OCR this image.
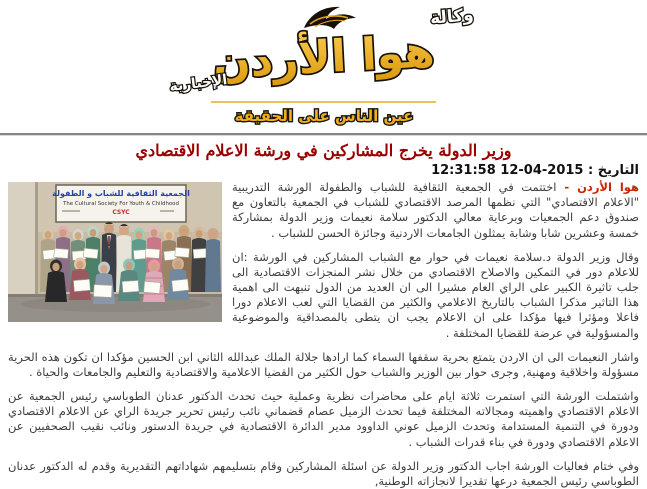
وكالة
هوا الأردن
الإخبارية
عين الناس على الحقيقة
وزير الدولة يخرج المشاركين في ورشة الاعلام الاقتصادي
التاريخ : 2015-04-12 12:31:58
الجمعية الثقافية للشباب و الطفولة
The Cultural Society For Youth & Childhood
CSYC

هوا الأردن - اختتمت في الجمعية الثقافية للشباب والطفولة الورشة التدريبية "الاعلام الاقتصادي" التي نظمها المرصد الاقتصادي للشباب في الجمعية بالتعاون مع صندوق دعم الجمعيات وبرعاية معالي الدكتور سلامة نعيمات وزير الدولة بمشاركة خمسة وعشرين شابا وشابة يمثلون الجامعات الاردنية وجائزة الحسن للشباب .

وقال وزير الدولة د.سلامة نعيمات في حوار مع الشباب المشاركين في الورشة :ان للاعلام دور في التمكين والاصلاح الاقتصادي من خلال نشر المنجزات الاقتصادية الى جلب تاثيرة الكبير على الراي العام مشيرا الى ان العديد من الدول تنبهت الى اهمية هذا التاثير مذكرا الشباب بالتاريخ الاعلامي والكثير من القضايا التي لعب الاعلام دورا فاعلا ومؤثرا فيها مؤكدا على ان الاعلام يجب ان يتطى بالمصداقية والموضوعية والمسؤولية في عرضة للقضايا المختلفة .

واشار النعيمات الى ان الاردن يتمتع بحرية سقفها السماء كما ارادها جلالة الملك عبدالله الثاني ابن الحسين مؤكدا ان تكون هذه الحرية مسؤولة واخلاقية ومهنية, وجرى حوار بين الوزير والشباب حول الكثير من القضيا الاعلامية والاقتصادية والتعليم والجامعات والحياة .

واشتملت الورشة التي استمرت ثلاثة ايام على محاضرات نظرية وعملية حيث تحدث الدكتور عدنان الطوباسي رئيس الجمعية عن الاعلام الاقتصادي واهميته ومجالاته المختلفة فيما تحدث الزميل عصام قضماني نائب رئيس تحرير جريدة الراي عن الاعلام الاقتصادي ودورة في التنمية المستدامة وتحدث الزميل عوني الداوود مدير الدائرة الاقتصادية في جريدة الدستور ونائب نقيب الصحفيين عن الاعلام الاقتصادي ودورة في بناء قدرات الشباب .

وفي ختام فعاليات الورشة اجاب الدكتور وزير الدولة عن اسئلة المشاركين وقام بتسليمهم شهاداتهم التقديرية وقدم له الدكتور عدنان الطوباسي رئيس الجمعية درعها تقديرا لانجازاته الوطنية,
